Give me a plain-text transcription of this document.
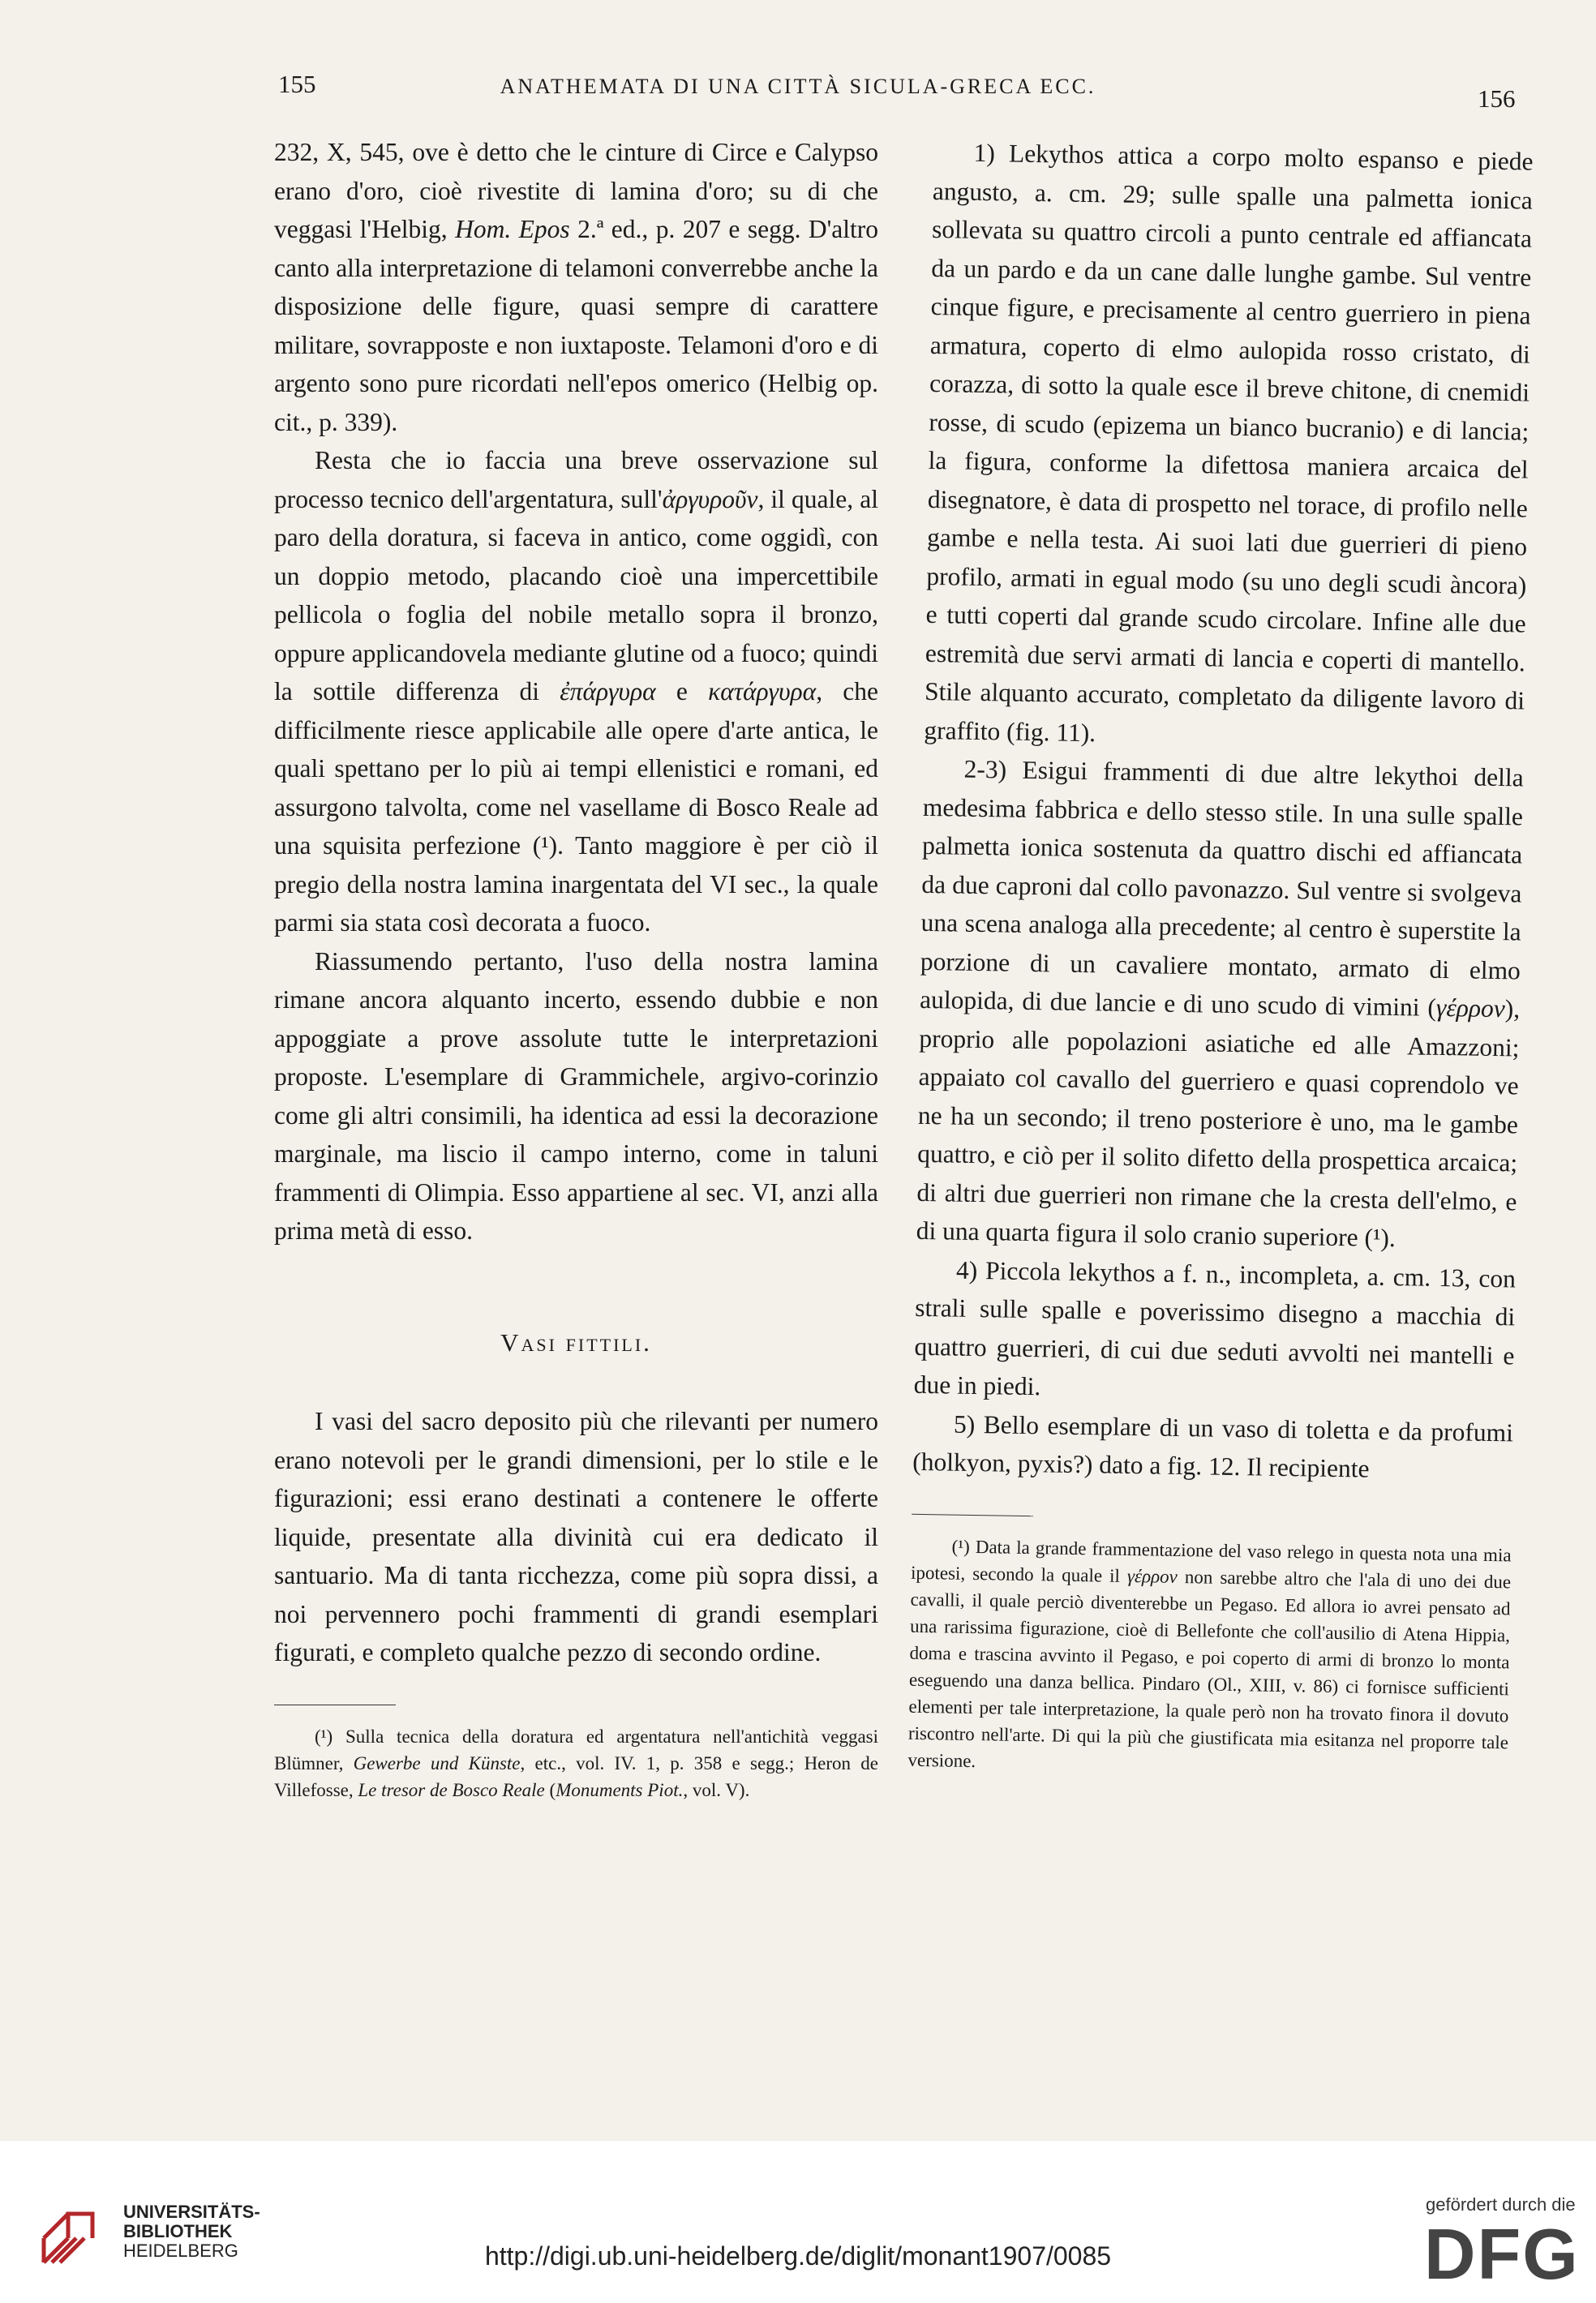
155	ANATHEMATA DI UNA CITTÀ SICULA-GRECA ECC.	156

232, X, 545, ove è detto che le cinture di Circe e Calypso erano d'oro, cioè rivestite di lamina d'oro; su di che veggasi l'Helbig, Hom. Epos 2.ª ed., p. 207 e segg. D'altro canto alla interpretazione di telamoni converrebbe anche la disposizione delle figure, quasi sempre di carattere militare, sovrapposte e non iuxtaposte. Telamoni d'oro e di argento sono pure ricordati nell'epos omerico (Helbig op. cit., p. 339).

Resta che io faccia una breve osservazione sul processo tecnico dell'argentatura, sull'ἀργυροῦν, il quale, al paro della doratura, si faceva in antico, come oggidì, con un doppio metodo, placando cioè una impercettibile pellicola o foglia del nobile metallo sopra il bronzo, oppure applicandovela mediante glutine od a fuoco; quindi la sottile differenza di ἐπάργυρα e κατάργυρα, che difficilmente riesce applicabile alle opere d'arte antica, le quali spettano per lo più ai tempi ellenistici e romani, ed assurgono talvolta, come nel vasellame di Bosco Reale ad una squisita perfezione (¹). Tanto maggiore è per ciò il pregio della nostra lamina inargentata del VI sec., la quale parmi sia stata così decorata a fuoco.

Riassumendo pertanto, l'uso della nostra lamina rimane ancora alquanto incerto, essendo dubbie e non appoggiate a prove assolute tutte le interpretazioni proposte. L'esemplare di Grammichele, argivo-corinzio come gli altri consimili, ha identica ad essi la decorazione marginale, ma liscio il campo interno, come in taluni frammenti di Olimpia. Esso appartiene al sec. VI, anzi alla prima metà di esso.

Vasi fittili.

I vasi del sacro deposito più che rilevanti per numero erano notevoli per le grandi dimensioni, per lo stile e le figurazioni; essi erano destinati a contenere le offerte liquide, presentate alla divinità cui era dedicato il santuario. Ma di tanta ricchezza, come più sopra dissi, a noi pervennero pochi frammenti di grandi esemplari figurati, e completo qualche pezzo di secondo ordine.

(¹) Sulla tecnica della doratura ed argentatura nell'antichità veggasi Blümner, Gewerbe und Künste, etc., vol. IV. 1, p. 358 e segg.; Heron de Villefosse, Le tresor de Bosco Reale (Monuments Piot., vol. V).

1) Lekythos attica a corpo molto espanso e piede angusto, a. cm. 29; sulle spalle una palmetta ionica sollevata su quattro circoli a punto centrale ed affiancata da un pardo e da un cane dalle lunghe gambe. Sul ventre cinque figure, e precisamente al centro guerriero in piena armatura, coperto di elmo aulopida rosso cristato, di corazza, di sotto la quale esce il breve chitone, di cnemidi rosse, di scudo (epizema un bianco bucranio) e di lancia; la figura, conforme la difettosa maniera arcaica del disegnatore, è data di prospetto nel torace, di profilo nelle gambe e nella testa. Ai suoi lati due guerrieri di pieno profilo, armati in egual modo (su uno degli scudi àncora) e tutti coperti dal grande scudo circolare. Infine alle due estremità due servi armati di lancia e coperti di mantello. Stile alquanto accurato, completato da diligente lavoro di graffito (fig. 11).

2-3) Esigui frammenti di due altre lekythoi della medesima fabbrica e dello stesso stile. In una sulle spalle palmetta ionica sostenuta da quattro dischi ed affiancata da due caproni dal collo pavonazzo. Sul ventre si svolgeva una scena analoga alla precedente; al centro è superstite la porzione di un cavaliere montato, armato di elmo aulopida, di due lancie e di uno scudo di vimini (γέρρον), proprio alle popolazioni asiatiche ed alle Amazzoni; appaiato col cavallo del guerriero e quasi coprendolo ve ne ha un secondo; il treno posteriore è uno, ma le gambe quattro, e ciò per il solito difetto della prospettica arcaica; di altri due guerrieri non rimane che la cresta dell'elmo, e di una quarta figura il solo cranio superiore (¹).

4) Piccola lekythos a f. n., incompleta, a. cm. 13, con strali sulle spalle e poverissimo disegno a macchia di quattro guerrieri, di cui due seduti avvolti nei mantelli e due in piedi.

5) Bello esemplare di un vaso di toletta e da profumi (holkyon, pyxis?) dato a fig. 12. Il recipiente

(¹) Data la grande frammentazione del vaso relego in questa nota una mia ipotesi, secondo la quale il γέρρον non sarebbe altro che l'ala di uno dei due cavalli, il quale perciò diventerebbe un Pegaso. Ed allora io avrei pensato ad una rarissima figurazione, cioè di Bellefonte che coll'ausilio di Atena Hippia, doma e trascina avvinto il Pegaso, e poi coperto di armi di bronzo lo monta eseguendo una danza bellica. Pindaro (Ol., XIII, v. 86) ci fornisce sufficienti elementi per tale interpretazione, la quale però non ha trovato finora il dovuto riscontro nell'arte. Di qui la più che giustificata mia esitanza nel proporre tale versione.

UNIVERSITÄTS-
BIBLIOTHEK
HEIDELBERG	http://digi.ub.uni-heidelberg.de/diglit/monant1907/0085
gefördert durch die
DFG
